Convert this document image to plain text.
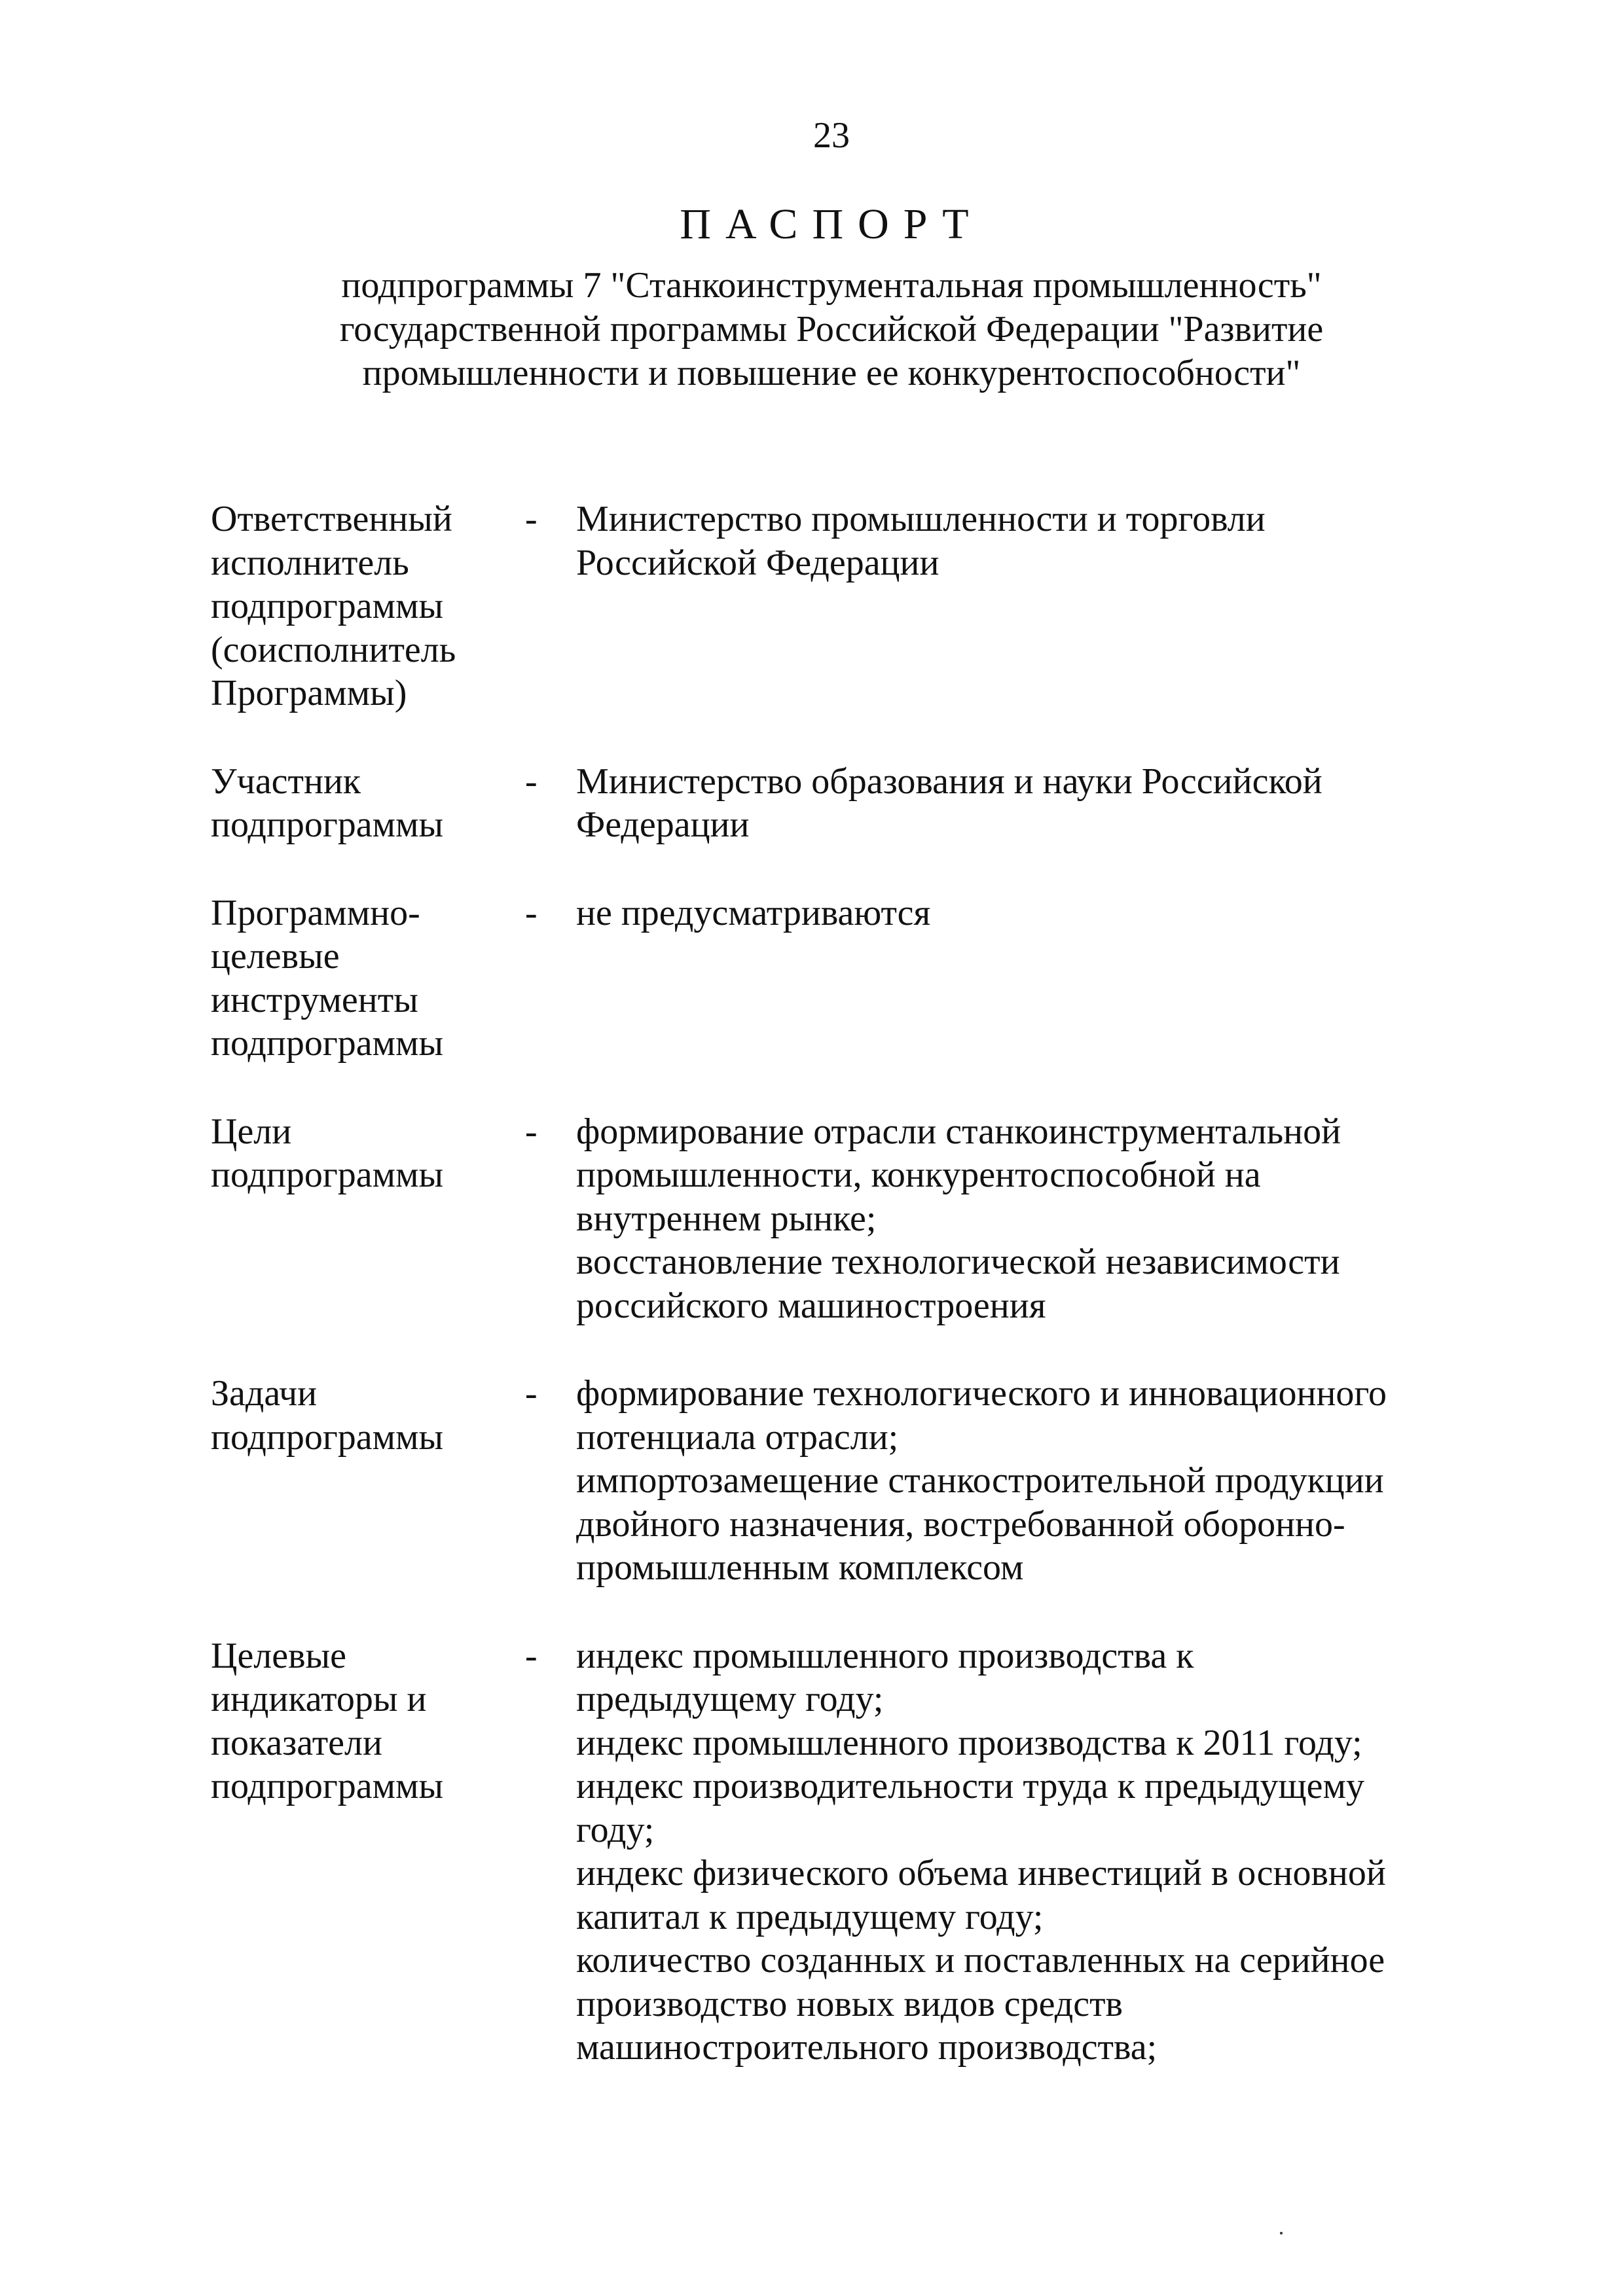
23
ПАСПОРТ
подпрограммы 7 "Станкоинструментальная промышленность"
государственной программы Российской Федерации "Развитие
промышленности и повышение ее конкурентоспособности"
Ответственный
исполнитель
подпрограммы
(соисполнитель
Программы)
-	Министерство промышленности и торговли
Российской Федерации
Участник
подпрограммы
-	Министерство образования и науки Российской
Федерации
Программно-
целевые
инструменты
подпрограммы
-	не предусматриваются
Цели
подпрограммы
-	формирование отрасли станкоинструментальной
промышленности, конкурентоспособной на
внутреннем рынке;
восстановление технологической независимости
российского машиностроения
Задачи
подпрограммы
-	формирование технологического и инновационного
потенциала отрасли;
импортозамещение станкостроительной продукции
двойного назначения, востребованной оборонно-
промышленным комплексом
Целевые
индикаторы и
показатели
подпрограммы
-	индекс промышленного производства к
предыдущему году;
индекс промышленного производства к 2011 году;
индекс производительности труда к предыдущему
году;
индекс физического объема инвестиций в основной
капитал к предыдущему году;
количество созданных и поставленных на серийное
производство новых видов средств
машиностроительного производства;
